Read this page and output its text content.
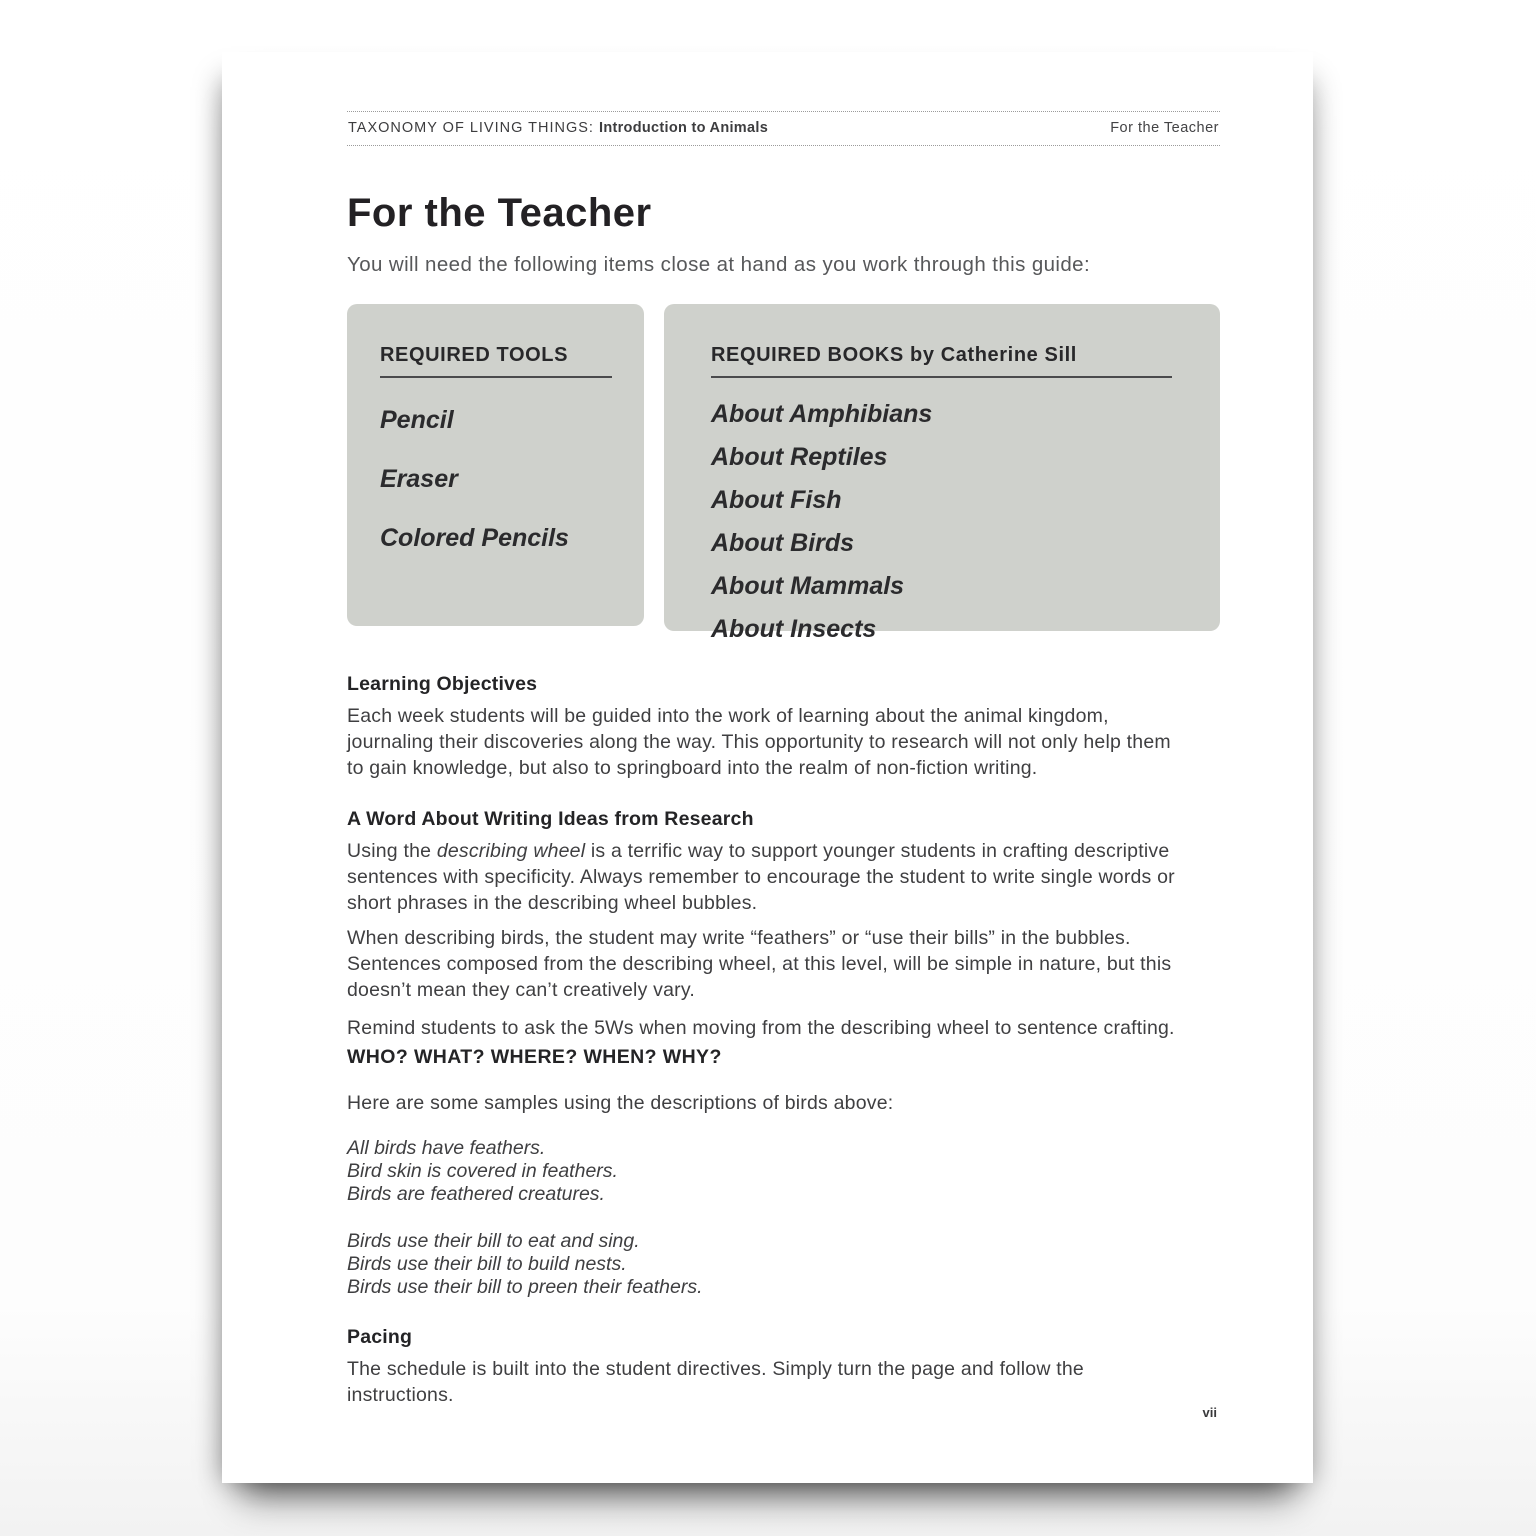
TAXONOMY OF LIVING THINGS: Introduction to Animals	For the Teacher
For the Teacher

You will need the following items close at hand as you work through this guide:

REQUIRED TOOLS
Pencil
Eraser
Colored Pencils
REQUIRED BOOKS by Catherine Sill
About Amphibians
About Reptiles
About Fish
About Birds
About Mammals
About Insects
Learning Objectives

Each week students will be guided into the work of learning about the animal kingdom, journaling their discoveries along the way. This opportunity to research will not only help them to gain knowledge, but also to springboard into the realm of non-fiction writing.

A Word About Writing Ideas from Research

Using the describing wheel is a terrific way to support younger students in crafting descriptive sentences with specificity. Always remember to encourage the student to write single words or short phrases in the describing wheel bubbles.

When describing birds, the student may write “feathers” or “use their bills” in the bubbles. Sentences composed from the describing wheel, at this level, will be simple in nature, but this doesn’t mean they can’t creatively vary.

Remind students to ask the 5Ws when moving from the describing wheel to sentence crafting.

WHO? WHAT? WHERE? WHEN? WHY?

Here are some samples using the descriptions of birds above:

All birds have feathers.
Bird skin is covered in feathers.
Birds are feathered creatures.
Birds use their bill to eat and sing.
Birds use their bill to build nests.
Birds use their bill to preen their feathers.
Pacing

The schedule is built into the student directives. Simply turn the page and follow the instructions.

vii
